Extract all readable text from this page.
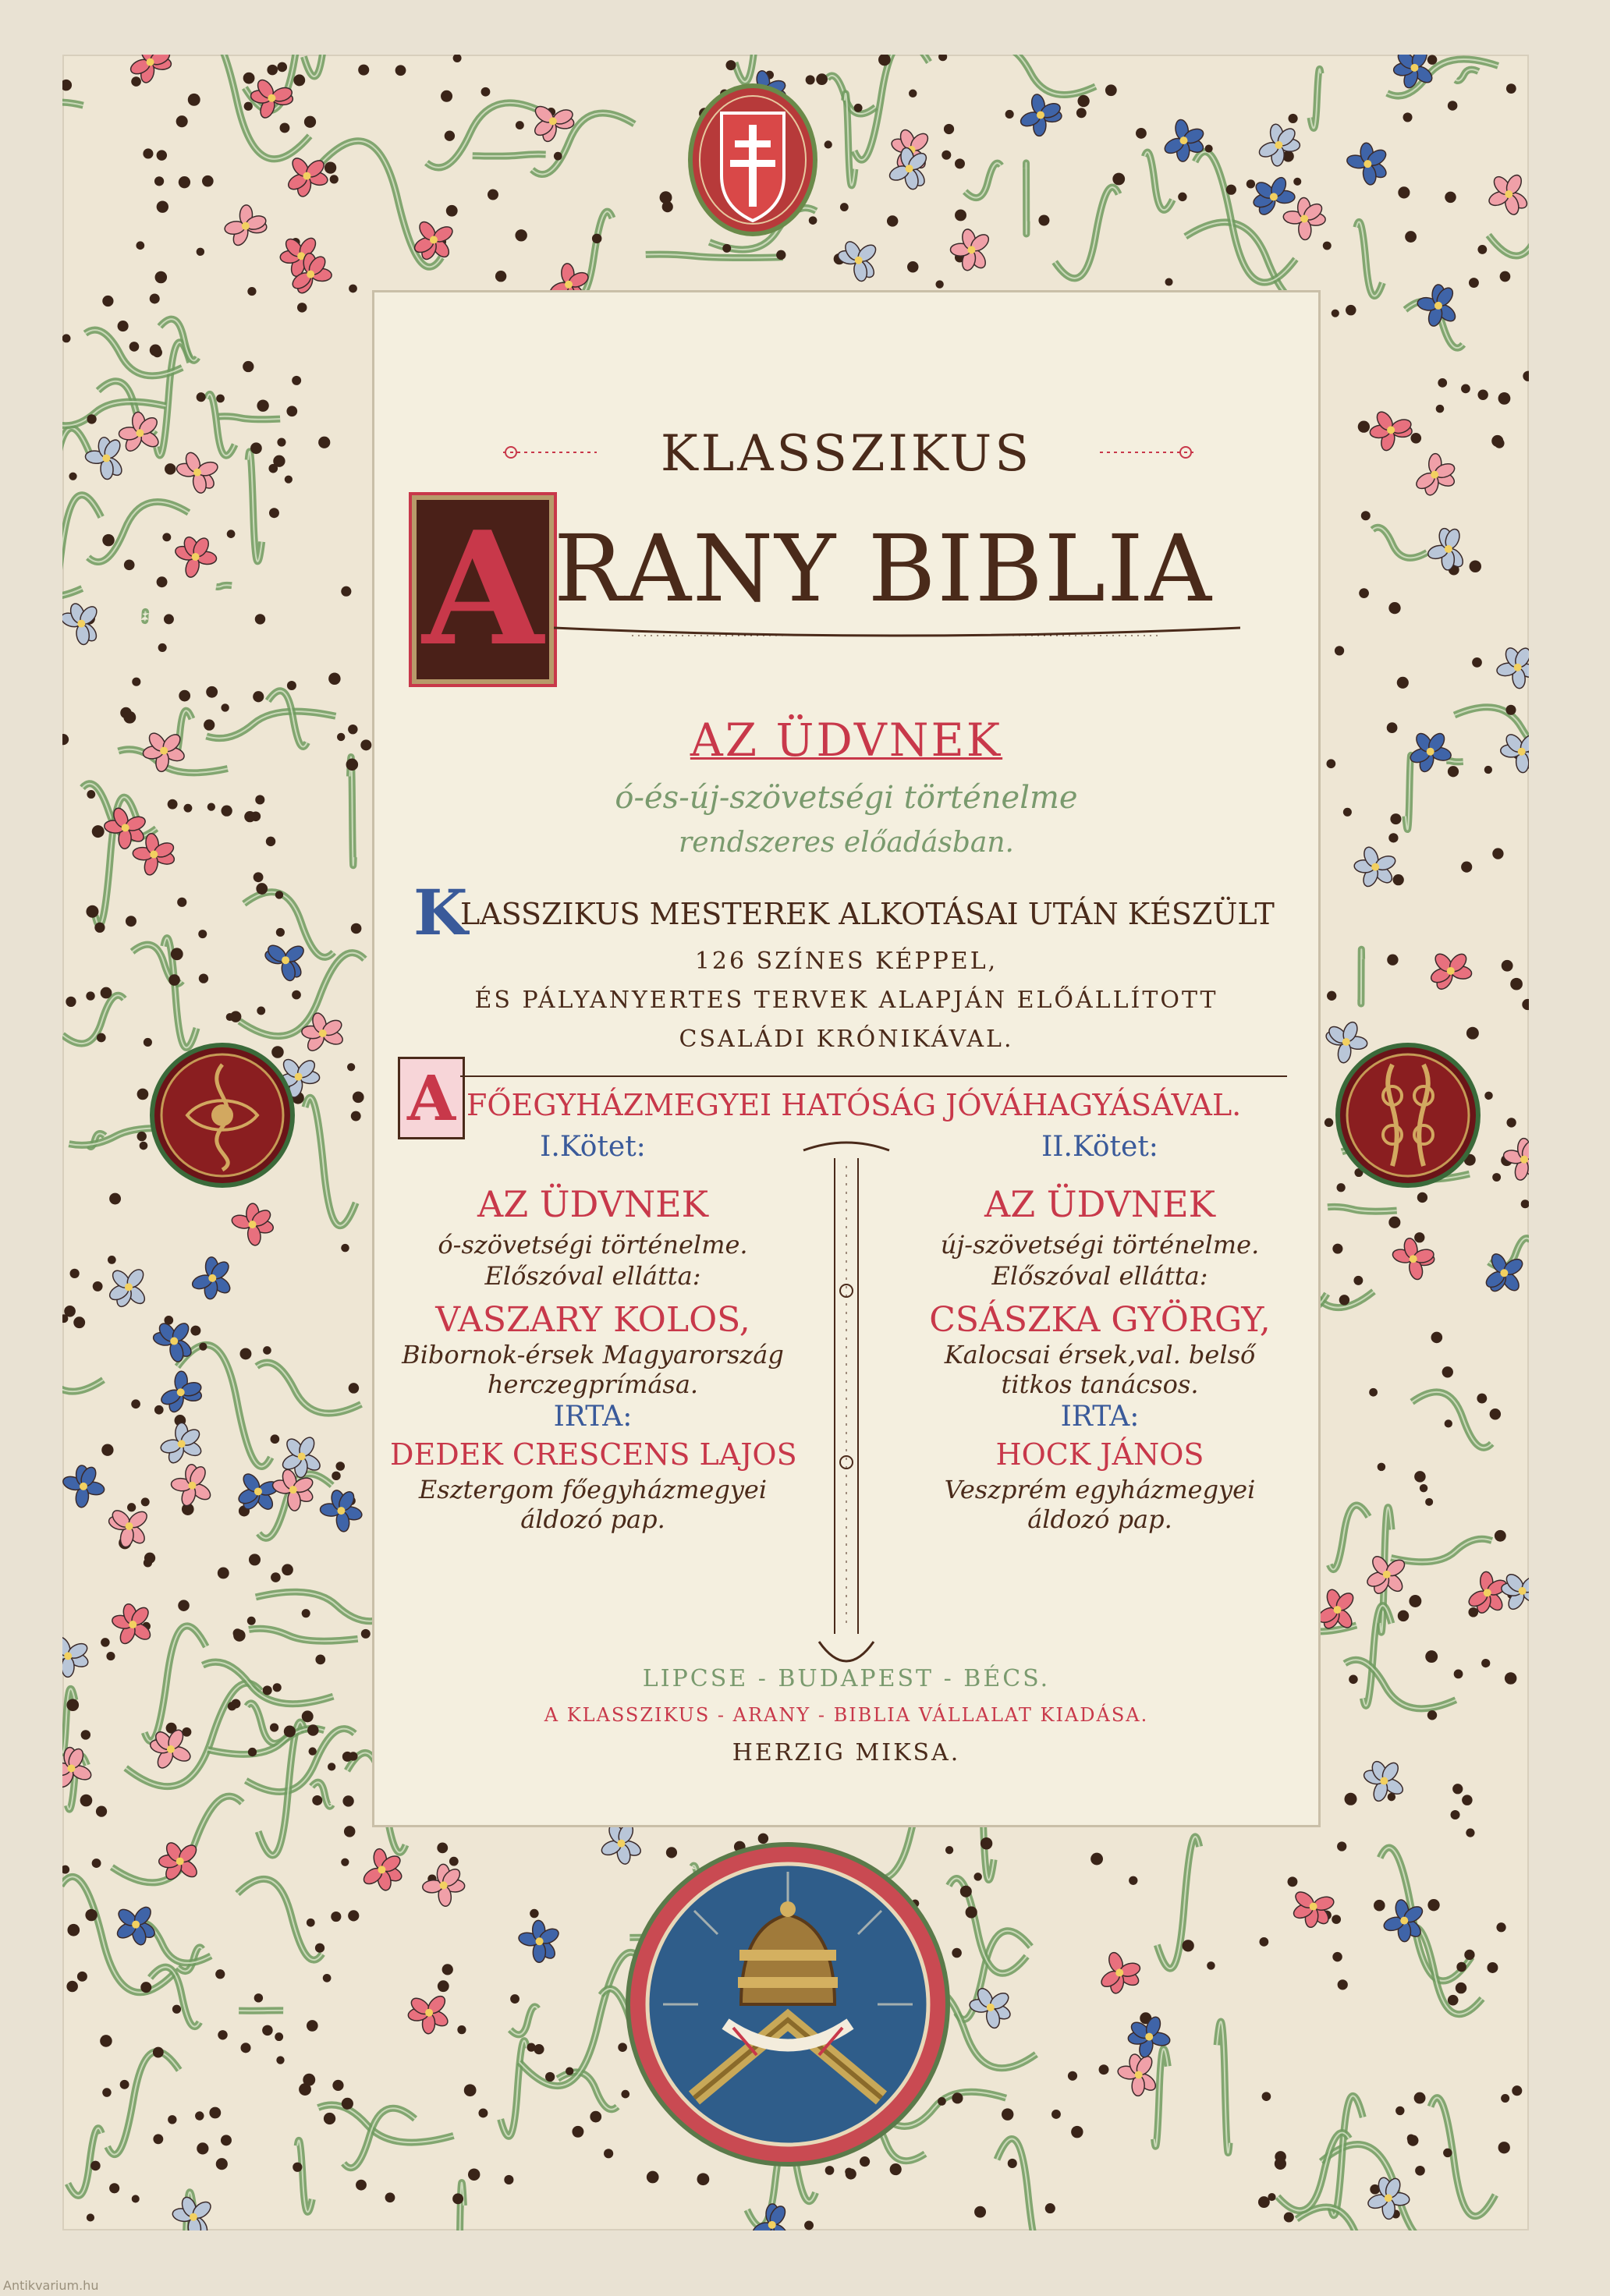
KLASSZIKUS
A RANY BIBLIA
AZ ÜDVNEK
ó-és-új-szövetségi történelme
rendszeres előadásban.
K
LASSZIKUS MESTEREK ALKOTÁSAI UTÁN KÉSZÜLT
126 SZÍNES KÉPPEL,
ÉS PÁLYANYERTES TERVEK ALAPJÁN ELŐÁLLÍTOTT
CSALÁDI KRÓNIKÁVAL.
A FŐEGYHÁZMEGYEI HATÓSÁG JÓVÁHAGYÁSÁVAL.
I.Kötet:
AZ ÜDVNEK
ó-szövetségi történelme.
Előszóval ellátta:
VASZARY KOLOS,
Bibornok-érsek Magyarország
herczegprímása.
IRTA:
DEDEK CRESCENS LAJOS
Esztergom főegyházmegyei
áldozó pap.
II.Kötet:
AZ ÜDVNEK
új-szövetségi történelme.
Előszóval ellátta:
CSÁSZKA GYÖRGY,
Kalocsai érsek,val. belső
titkos tanácsos.
IRTA:
HOCK JÁNOS
Veszprém egyházmegyei
áldozó pap.
LIPCSE - BUDAPEST - BÉCS.
A KLASSZIKUS - ARANY - BIBLIA VÁLLALAT KIADÁSA.
HERZIG MIKSA.
Antikvarium.hu
